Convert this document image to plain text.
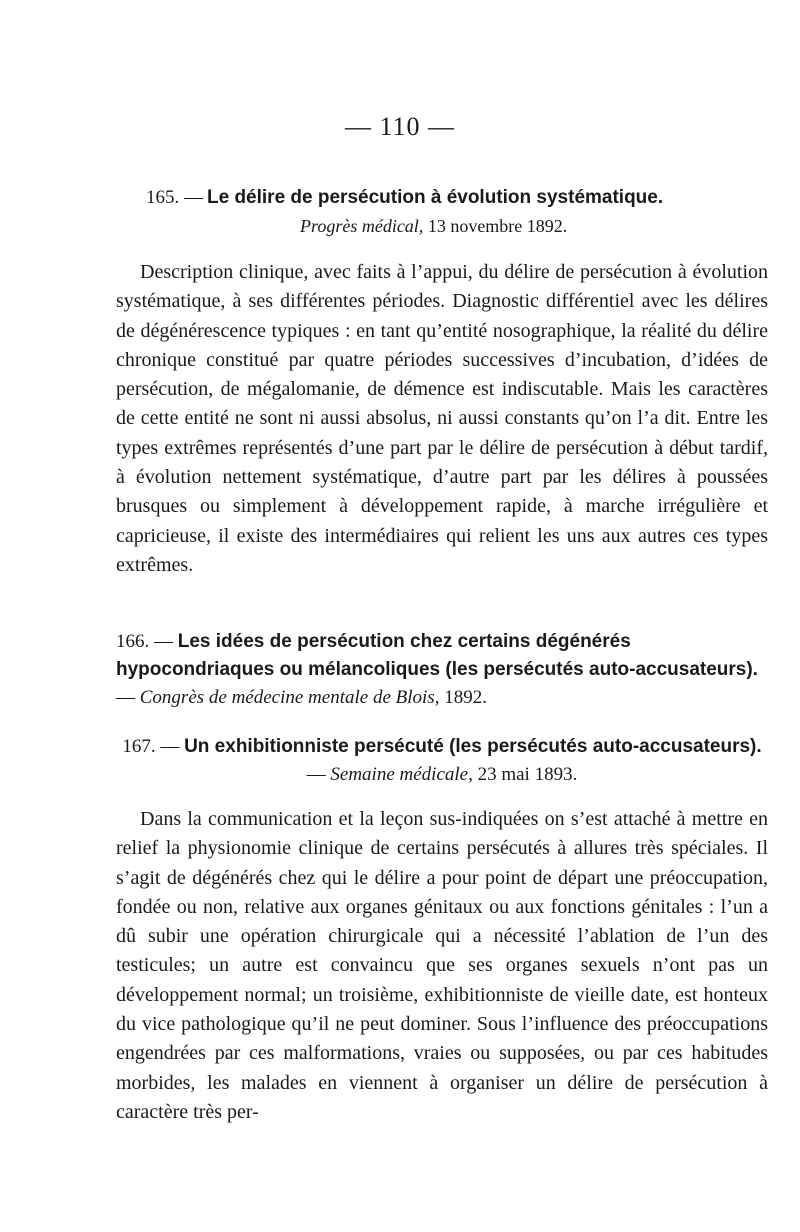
— 110 —
165. — Le délire de persécution à évolution systématique.
Progrès médical, 13 novembre 1892.
Description clinique, avec faits à l’appui, du délire de persécution à évolution systématique, à ses différentes périodes. Diagnostic différentiel avec les délires de dégénérescence typiques : en tant qu’entité nosographique, la réalité du délire chronique constitué par quatre périodes successives d’incubation, d’idées de persécution, de mégalomanie, de démence est indiscutable. Mais les caractères de cette entité ne sont ni aussi absolus, ni aussi constants qu’on l’a dit. Entre les types extrêmes représentés d’une part par le délire de persécution à début tardif, à évolution nettement systématique, d’autre part par les délires à poussées brusques ou simplement à développement rapide, à marche irrégulière et capricieuse, il existe des intermédiaires qui relient les uns aux autres ces types extrêmes.
166. — Les idées de persécution chez certains dégénérés hypocondriaques ou mélancoliques (les persécutés auto-accusateurs). — Congrès de médecine mentale de Blois, 1892.
167. — Un exhibitionniste persécuté (les persécutés auto-accusateurs). — Semaine médicale, 23 mai 1893.
Dans la communication et la leçon sus-indiquées on s’est attaché à mettre en relief la physionomie clinique de certains persécutés à allures très spéciales. Il s’agit de dégénérés chez qui le délire a pour point de départ une préoccupation, fondée ou non, relative aux organes génitaux ou aux fonctions génitales : l’un a dû subir une opération chirurgicale qui a nécessité l’ablation de l’un des testicules; un autre est convaincu que ses organes sexuels n’ont pas un développement normal; un troisième, exhibitionniste de vieille date, est honteux du vice pathologique qu’il ne peut dominer. Sous l’influence des préoccupations engendrées par ces malformations, vraies ou supposées, ou par ces habitudes morbides, les malades en viennent à organiser un délire de persécution à caractère très per-
